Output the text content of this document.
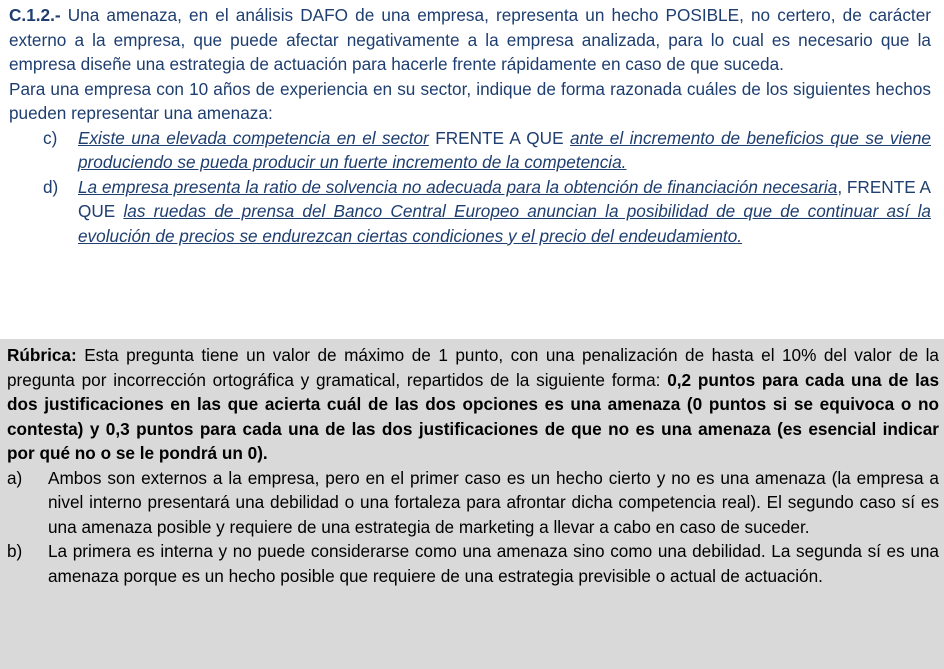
C.1.2.- Una amenaza, en el análisis DAFO de una empresa, representa un hecho POSIBLE, no certero, de carácter externo a la empresa, que puede afectar negativamente a la empresa analizada, para lo cual es necesario que la empresa diseñe una estrategia de actuación para hacerle frente rápidamente en caso de que suceda.

Para una empresa con 10 años de experiencia en su sector, indique de forma razonada cuáles de los siguientes hechos pueden representar una amenaza:

c) Existe una elevada competencia en el sector FRENTE A QUE ante el incremento de beneficios que se viene produciendo se pueda producir un fuerte incremento de la competencia.
d) La empresa presenta la ratio de solvencia no adecuada para la obtención de financiación necesaria, FRENTE A QUE las ruedas de prensa del Banco Central Europeo anuncian la posibilidad de que de continuar así la evolución de precios se endurezcan ciertas condiciones y el precio del endeudamiento.

Rúbrica: Esta pregunta tiene un valor de máximo de 1 punto, con una penalización de hasta el 10% del valor de la pregunta por incorrección ortográfica y gramatical, repartidos de la siguiente forma: 0,2 puntos para cada una de las dos justificaciones en las que acierta cuál de las dos opciones es una amenaza (0 puntos si se equivoca o no contesta) y 0,3 puntos para cada una de las dos justificaciones de que no es una amenaza (es esencial indicar por qué no o se le pondrá un 0).

a) Ambos son externos a la empresa, pero en el primer caso es un hecho cierto y no es una amenaza (la empresa a nivel interno presentará una debilidad o una fortaleza para afrontar dicha competencia real). El segundo caso sí es una amenaza posible y requiere de una estrategia de marketing a llevar a cabo en caso de suceder.
b) La primera es interna y no puede considerarse como una amenaza sino como una debilidad. La segunda sí es una amenaza porque es un hecho posible que requiere de una estrategia previsible o actual de actuación.
